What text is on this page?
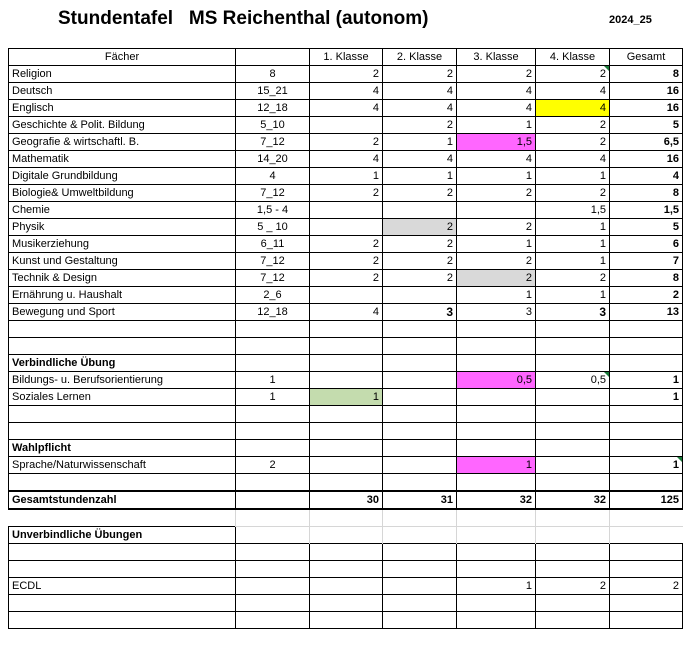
Stundentafel   MS Reichenthal (autonom)	2024_25
Fächer		1. Klasse	2. Klasse	3. Klasse	4. Klasse	Gesamt
Religion	8	2	2	2	2	8
Deutsch	15_21	4	4	4	4	16
Englisch	12_18	4	4	4	4	16
Geschichte & Polit. Bildung	5_10		2	1	2	5
Geografie & wirtschaftl. B.	7_12	2	1	1,5	2	6,5
Mathematik	14_20	4	4	4	4	16
Digitale Grundbildung	4	1	1	1	1	4
Biologie& Umweltbildung	7_12	2	2	2	2	8
Chemie	1,5 - 4				1,5	1,5
Physik	5 _ 10		2	2	1	5
Musikerziehung	6_11	2	2	1	1	6
Kunst und Gestaltung	7_12	2	2	2	1	7
Technik & Design	7_12	2	2	2	2	8
Ernährung u. Haushalt	2_6			1	1	2
Bewegung und Sport	12_18	4	3	3	3	13

Verbindliche Übung						
Bildungs- u. Berufsorientierung	1			0,5	0,5	1
Soziales Lernen	1	1				1

Wahlpflicht						
Sprache/Naturwissenschaft	2			1		1

Gesamtstundenzahl		30	31	32	32	125

Unverbindliche Übungen						

ECDL				1	2	2
